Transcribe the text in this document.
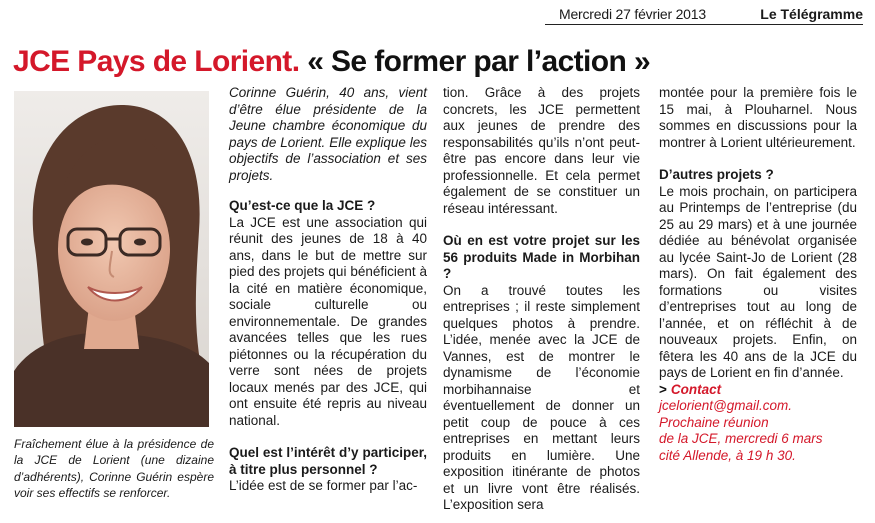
Mercredi 27 février 2013	Le Télégramme
JCE Pays de Lorient. « Se former par l’action »

Fraîchement élue à la présidence de la JCE de Lorient (une dizaine d’adhérents), Corinne Guérin espère voir ses effectifs se renforcer.

Corinne Guérin, 40 ans, vient d’être élue présidente de la Jeune chambre économique du pays de Lorient. Elle explique les objectifs de l’association et ses projets.

Qu’est-ce que la JCE ?

La JCE est une association qui réunit des jeunes de 18 à 40 ans, dans le but de mettre sur pied des projets qui bénéficient à la cité en matière économique, sociale culturelle ou environnementale. De grandes avancées telles que les rues piétonnes ou la récupération du verre sont nées de projets locaux menés par des JCE, qui ont ensuite été repris au niveau national.

Quel est l’intérêt d’y participer, à titre plus personnel ?

L’idée est de se former par l’ac-

tion. Grâce à des projets concrets, les JCE permettent aux jeunes de prendre des responsabilités qu’ils n’ont peut-être pas encore dans leur vie professionnelle. Et cela permet également de se constituer un réseau intéressant.

Où en est votre projet sur les 56 produits Made in Morbihan ?

On a trouvé toutes les entreprises ; il reste simplement quelques photos à prendre. L’idée, menée avec la JCE de Vannes, est de montrer le dynamisme de l’économie morbihannaise et éventuellement de donner un petit coup de pouce à ces entreprises en mettant leurs produits en lumière. Une exposition itinérante de photos et un livre vont être réalisés. L’exposition sera

montée pour la première fois le 15 mai, à Plouharnel. Nous sommes en discussions pour la montrer à Lorient ultérieurement.

D’autres projets ?

Le mois prochain, on participera au Printemps de l’entreprise (du 25 au 29 mars) et à une journée dédiée au bénévolat organisée au lycée Saint-Jo de Lorient (28 mars). On fait également des formations ou visites d’entreprises tout au long de l’année, et on réfléchit à de nouveaux projets. Enfin, on fêtera les 40 ans de la JCE du pays de Lorient en fin d’année.

> Contact

jcelorient@gmail.com.

Prochaine réunion

de la JCE, mercredi 6 mars

cité Allende, à 19 h 30.
